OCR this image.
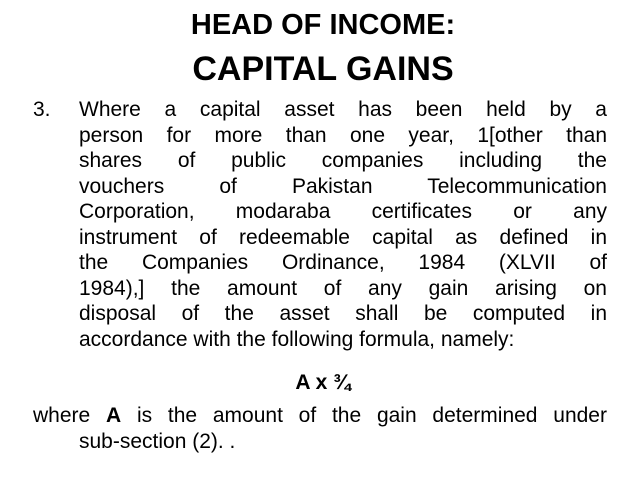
HEAD OF INCOME:
CAPITAL GAINS
3. Where a capital asset has been held by a
person for more than one year, 1[other than
shares of public companies including the
vouchers of Pakistan Telecommunication
Corporation, modaraba certificates or any
instrument of redeemable capital as defined in
the Companies Ordinance, 1984 (XLVII of
1984),] the amount of any gain arising on
disposal of the asset shall be computed in
accordance with the following formula, namely:
A x ¾
where A is the amount of the gain determined under
sub-section (2). .
